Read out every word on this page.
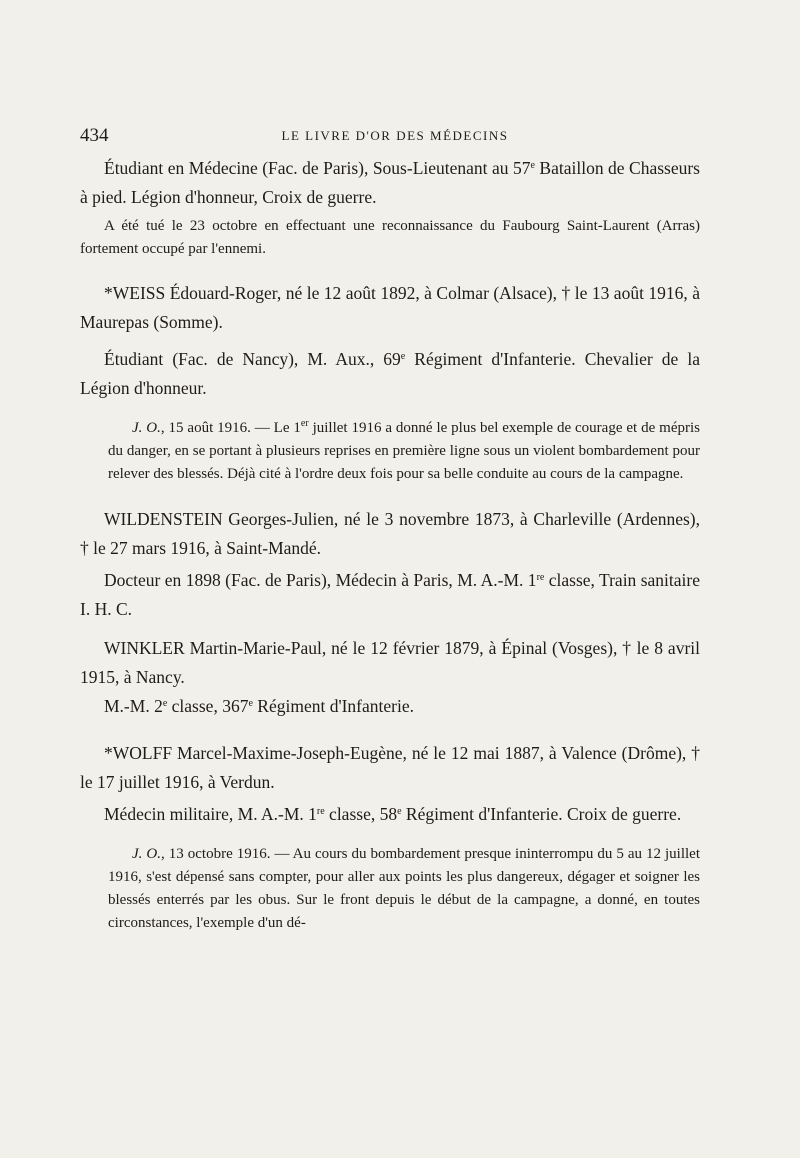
434	LE LIVRE D'OR DES MÉDECINS

Étudiant en Médecine (Fac. de Paris), Sous-Lieutenant au 57e Bataillon de Chasseurs à pied. Légion d'honneur, Croix de guerre.

A été tué le 23 octobre en effectuant une reconnaissance du Faubourg Saint-Laurent (Arras) fortement occupé par l'ennemi.

*WEISS Édouard-Roger, né le 12 août 1892, à Colmar (Alsace), † le 13 août 1916, à Maurepas (Somme).

Étudiant (Fac. de Nancy), M. Aux., 69e Régiment d'Infanterie. Chevalier de la Légion d'honneur.

J. O., 15 août 1916. — Le 1er juillet 1916 a donné le plus bel exemple de courage et de mépris du danger, en se portant à plusieurs reprises en première ligne sous un violent bombardement pour relever des blessés. Déjà cité à l'ordre deux fois pour sa belle conduite au cours de la campagne.

WILDENSTEIN Georges-Julien, né le 3 novembre 1873, à Charleville (Ardennes), † le 27 mars 1916, à Saint-Mandé.

Docteur en 1898 (Fac. de Paris), Médecin à Paris, M. A.-M. 1re classe, Train sanitaire I. H. C.

WINKLER Martin-Marie-Paul, né le 12 février 1879, à Épinal (Vosges), † le 8 avril 1915, à Nancy.

M.-M. 2e classe, 367e Régiment d'Infanterie.

*WOLFF Marcel-Maxime-Joseph-Eugène, né le 12 mai 1887, à Valence (Drôme), † le 17 juillet 1916, à Verdun.

Médecin militaire, M. A.-M. 1re classe, 58e Régiment d'Infanterie. Croix de guerre.

J. O., 13 octobre 1916. — Au cours du bombardement presque ininterrompu du 5 au 12 juillet 1916, s'est dépensé sans compter, pour aller aux points les plus dangereux, dégager et soigner les blessés enterrés par les obus. Sur le front depuis le début de la campagne, a donné, en toutes circonstances, l'exemple d'un dé-
